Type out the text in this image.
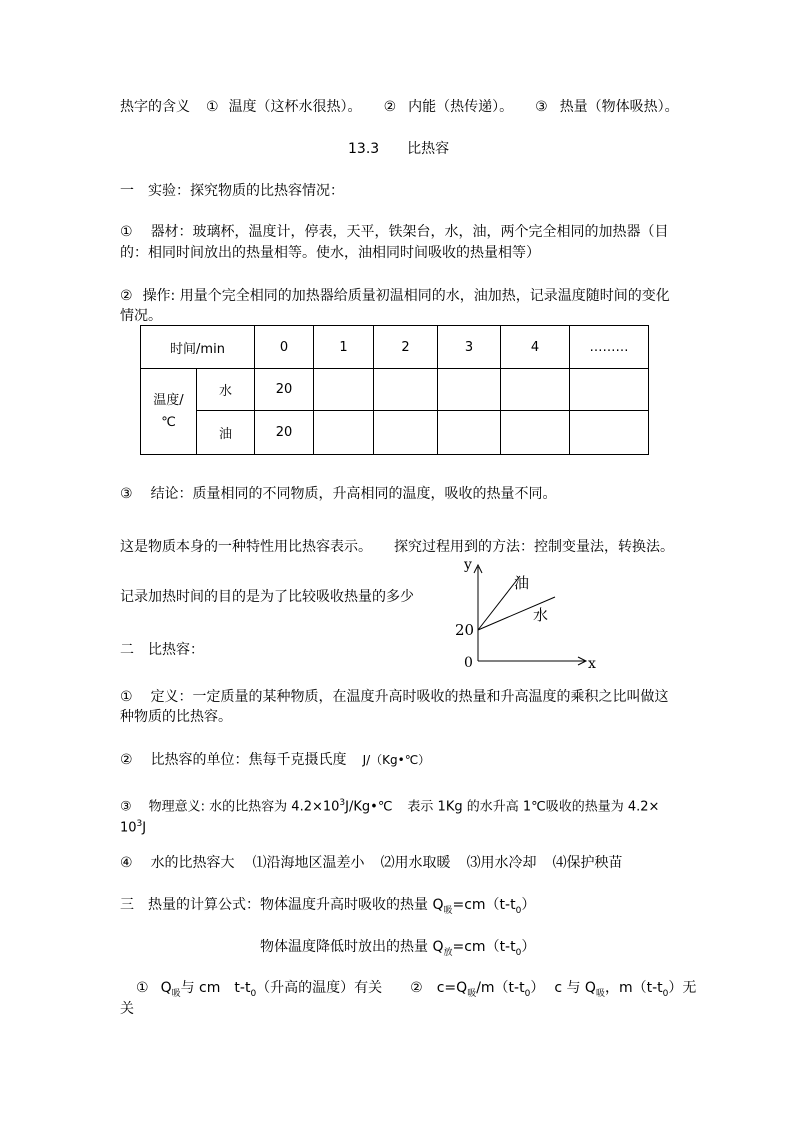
热字的含义 ① 温度（这杯水很热）。 ② 内能（热传递）。 ③ 热量（物体吸热）。
13.3 比热容
一　实验：探究物质的比热容情况：
① 器材：玻璃杯，温度计，停表，天平，铁架台，水，油，两个完全相同的加热器（目
的：相同时间放出的热量相等。使水，油相同时间吸收的热量相等）
② 操作: 用量个完全相同的加热器给质量初温相同的水，油加热，记录温度随时间的变化
情况。
时间/min		0	1	2	3	4	………
温度/
℃	水	20					
	油	20					
③ 结论：质量相同的不同物质，升高相同的温度，吸收的热量不同。
这是物质本身的一种特性用比热容表示。 探究过程用到的方法：控制变量法，转换法。
记录加热时间的目的是为了比较吸收热量的多少
y
x
0
20
油
水
二　比热容：
① 定义：一定质量的某种物质，在温度升高时吸收的热量和升高温度的乘积之比叫做这
种物质的比热容。
② 比热容的单位：焦每千克摄氏度 J/（Kg•℃）
③ 物理意义: 水的比热容为 $4.2\times 10^3J/Kg•℃$ 表示 1Kg 的水升高 1℃吸收的热量为 4.2×
$10^3J$
④ 水的比热容大 ⑴沿海地区温差小 ⑵用水取暖 ⑶用水冷却 ⑷保护秧苗
三　热量的计算公式：物体温度升高时吸收的热量 $Q_吸=cm(t-t_0)$
物体温度降低时放出的热量 $Q_放=cm(t-t_0)$
① $Q_吸$与 cm $t-t_0$（升高的温度）有关 ② $c=Q_吸/m(t-t_0)$ c 与 $Q_吸$，$m(t-t_0)$无
关
